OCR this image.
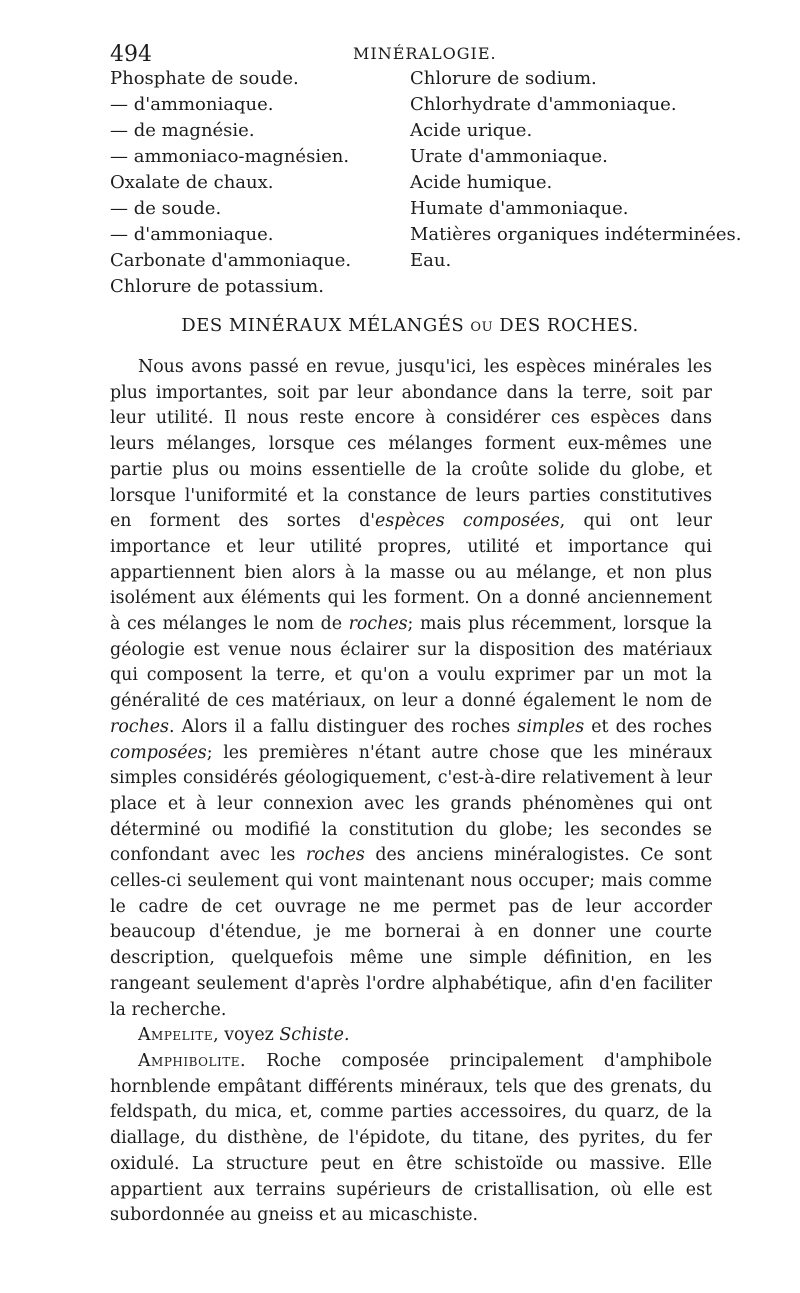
494	MINÉRALOGIE.
Phosphate de soude.
— d'ammoniaque.
— de magnésie.
— ammoniaco-magnésien.
Oxalate de chaux.
— de soude.
— d'ammoniaque.
Carbonate d'ammoniaque.
Chlorure de potassium.
Chlorure de sodium.
Chlorhydrate d'ammoniaque.
Acide urique.
Urate d'ammoniaque.
Acide humique.
Humate d'ammoniaque.
Matières organiques indéterminées.
Eau.
DES MINÉRAUX MÉLANGÉS OU DES ROCHES.

Nous avons passé en revue, jusqu'ici, les espèces minérales les plus importantes, soit par leur abondance dans la terre, soit par leur utilité. Il nous reste encore à considérer ces espèces dans leurs mélanges, lorsque ces mélanges forment eux-mêmes une partie plus ou moins essentielle de la croûte solide du globe, et lorsque l'uniformité et la constance de leurs parties constitutives en forment des sortes d'espèces composées, qui ont leur importance et leur utilité propres, utilité et importance qui appartiennent bien alors à la masse ou au mélange, et non plus isolément aux éléments qui les forment. On a donné anciennement à ces mélanges le nom de roches; mais plus récemment, lorsque la géologie est venue nous éclairer sur la disposition des matériaux qui composent la terre, et qu'on a voulu exprimer par un mot la généralité de ces matériaux, on leur a donné également le nom de roches. Alors il a fallu distinguer des roches simples et des roches composées; les premières n'étant autre chose que les minéraux simples considérés géologiquement, c'est-à-dire relativement à leur place et à leur connexion avec les grands phénomènes qui ont déterminé ou modifié la constitution du globe; les secondes se confondant avec les roches des anciens minéralogistes. Ce sont celles-ci seulement qui vont maintenant nous occuper; mais comme le cadre de cet ouvrage ne me permet pas de leur accorder beaucoup d'étendue, je me bornerai à en donner une courte description, quelquefois même une simple définition, en les rangeant seulement d'après l'ordre alphabétique, afin d'en faciliter la recherche.

Ampelite, voyez Schiste.

Amphibolite. Roche composée principalement d'amphibole hornblende empâtant différents minéraux, tels que des grenats, du feldspath, du mica, et, comme parties accessoires, du quarz, de la diallage, du disthène, de l'épidote, du titane, des pyrites, du fer oxidulé. La structure peut en être schistoïde ou massive. Elle appartient aux terrains supérieurs de cristallisation, où elle est subordonnée au gneiss et au micaschiste.
